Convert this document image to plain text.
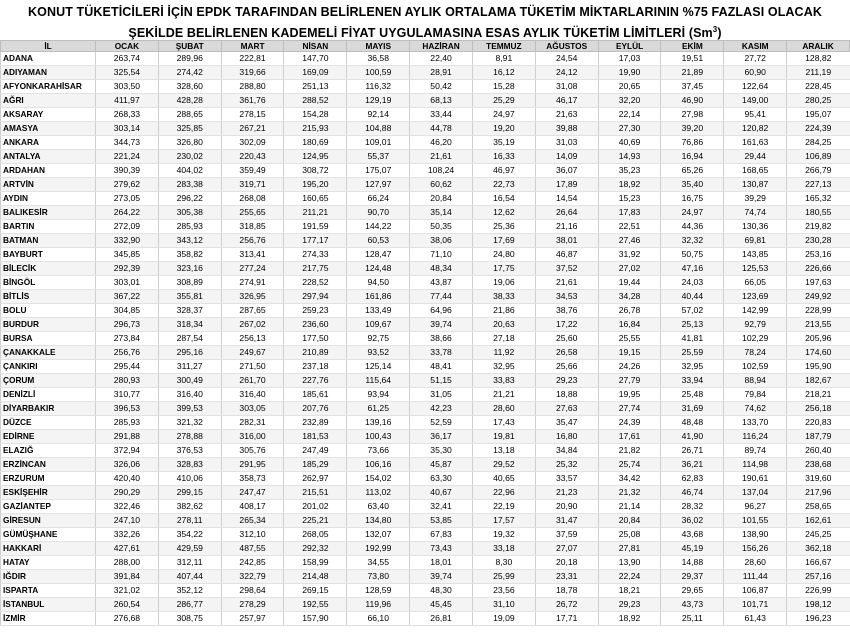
KONUT TÜKETİCİLERİ İÇİN EPDK TARAFINDAN BELİRLENEN AYLIK ORTALAMA TÜKETİM MİKTARLARININ %75 FAZLASI OLACAK
ŞEKİLDE BELİRLENEN KADEMELİ FİYAT UYGULAMASINA ESAS AYLIK TÜKETİM LİMİTLERİ (Sm$^3$)
İL	OCAK	ŞUBAT	MART	NİSAN	MAYIS	HAZİRAN	TEMMUZ	AĞUSTOS	EYLÜL	EKİM	KASIM	ARALIK
ADANA	263,74	289,96	222,81	147,70	36,58	22,40	8,91	24,54	17,03	19,51	27,72	128,82
ADIYAMAN	325,54	274,42	319,66	169,09	100,59	28,91	16,12	24,12	19,90	21,89	60,90	211,19
AFYONKARAHİSAR	303,50	328,60	288,80	251,13	116,32	50,42	15,28	31,08	20,65	37,45	122,64	228,45
AĞRI	411,97	428,28	361,76	288,52	129,19	68,13	25,29	46,17	32,20	46,90	149,00	280,25
AKSARAY	268,33	288,65	278,15	154,28	92,14	33,44	24,97	21,63	22,14	27,98	95,41	195,07
AMASYA	303,14	325,85	267,21	215,93	104,88	44,78	19,20	39,88	27,30	39,20	120,82	224,39
ANKARA	344,73	326,80	302,09	180,69	109,01	46,20	35,19	31,03	40,69	76,86	161,63	284,25
ANTALYA	221,24	230,02	220,43	124,95	55,37	21,61	16,33	14,09	14,93	16,94	29,44	106,89
ARDAHAN	390,39	404,02	359,49	308,72	175,07	108,24	46,97	36,07	35,23	65,26	168,65	266,79
ARTVİN	279,62	283,38	319,71	195,20	127,97	60,62	22,73	17,89	18,92	35,40	130,87	227,13
AYDIN	273,05	296,22	268,08	160,65	66,24	20,84	16,54	14,54	15,23	16,75	39,29	165,32
BALIKESİR	264,22	305,38	255,65	211,21	90,70	35,14	12,62	26,64	17,83	24,97	74,74	180,55
BARTIN	272,09	285,93	318,85	191,59	144,22	50,35	25,36	21,16	22,51	44,36	130,36	219,82
BATMAN	332,90	343,12	256,76	177,17	60,53	38,06	17,69	38,01	27,46	32,32	69,81	230,28
BAYBURT	345,85	358,82	313,41	274,33	128,47	71,10	24,80	46,87	31,92	50,75	143,85	253,16
BİLECİK	292,39	323,16	277,24	217,75	124,48	48,34	17,75	37,52	27,02	47,16	125,53	226,66
BİNGÖL	303,01	308,89	274,91	228,52	94,50	43,87	19,06	21,61	19,44	24,03	66,05	197,63
BİTLİS	367,22	355,81	326,95	297,94	161,86	77,44	38,33	34,53	34,28	40,44	123,69	249,92
BOLU	304,85	328,37	287,65	259,23	133,49	64,96	21,86	38,76	26,78	57,02	142,99	228,99
BURDUR	296,73	318,34	267,02	236,60	109,67	39,74	20,63	17,22	16,84	25,13	92,79	213,55
BURSA	273,84	287,54	256,13	177,50	92,75	38,66	27,18	25,60	25,55	41,81	102,29	205,96
ÇANAKKALE	256,76	295,16	249,67	210,89	93,52	33,78	11,92	26,58	19,15	25,59	78,24	174,60
ÇANKIRI	295,44	311,27	271,50	237,18	125,14	48,41	32,95	25,66	24,26	32,95	102,59	195,90
ÇORUM	280,93	300,49	261,70	227,76	115,64	51,15	33,83	29,23	27,79	33,94	88,94	182,67
DENİZLİ	310,77	316,40	316,40	185,61	93,94	31,05	21,21	18,88	19,95	25,48	79,84	218,21
DİYARBAKIR	396,53	399,53	303,05	207,76	61,25	42,23	28,60	27,63	27,74	31,69	74,62	256,18
DÜZCE	285,93	321,32	282,31	232,89	139,16	52,59	17,43	35,47	24,39	48,48	133,70	220,83
EDİRNE	291,88	278,88	316,00	181,53	100,43	36,17	19,81	16,80	17,61	41,90	116,24	187,79
ELAZIĞ	372,94	376,53	305,76	247,49	73,66	35,30	13,18	34,84	21,82	26,71	89,74	260,40
ERZİNCAN	326,06	328,83	291,95	185,29	106,16	45,87	29,52	25,32	25,74	36,21	114,98	238,68
ERZURUM	420,40	410,06	358,73	262,97	154,02	63,30	40,65	33,57	34,42	62,83	190,61	319,60
ESKİŞEHİR	290,29	299,15	247,47	215,51	113,02	40,67	22,96	21,23	21,32	46,74	137,04	217,96
GAZİANTEP	322,46	382,62	408,17	201,02	63,40	32,41	22,19	20,90	21,14	28,32	96,27	258,65
GİRESUN	247,10	278,11	265,34	225,21	134,80	53,85	17,57	31,47	20,84	36,02	101,55	162,61
GÜMÜŞHANE	332,26	354,22	312,10	268,05	132,07	67,83	19,32	37,59	25,08	43,68	138,90	245,25
HAKKARİ	427,61	429,59	487,55	292,32	192,99	73,43	33,18	27,07	27,81	45,19	156,26	362,18
HATAY	288,00	312,11	242,85	158,99	34,55	18,01	8,30	20,18	13,90	14,88	28,60	166,67
IĞDIR	391,84	407,44	322,79	214,48	73,80	39,74	25,99	23,31	22,24	29,37	111,44	257,16
ISPARTA	321,02	352,12	298,64	269,15	128,59	48,30	23,56	18,78	18,21	29,65	106,87	226,99
İSTANBUL	260,54	286,77	278,29	192,55	119,96	45,45	31,10	26,72	29,23	43,73	101,71	198,12
İZMİR	276,68	308,75	257,97	157,90	66,10	26,81	19,09	17,71	18,92	25,11	61,43	196,23
